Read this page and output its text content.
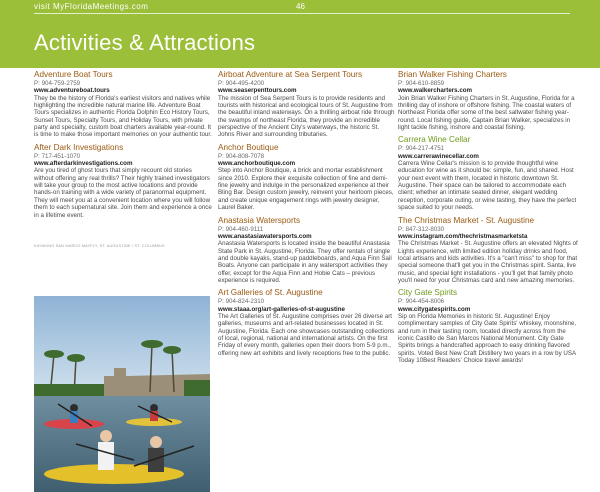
visit MyFloridaMeetings.com	46
Activities & Attractions
Adventure Boat Tours
P: 904-759-2759
www.adventureboat.tours

They be the history of Florida's earliest visitors and natives while highlighting the incredible natural marine life. Adventure Boat Tours specializes in authentic Florida Dolphin Eco History Tours, Sunset Tours, Specialty Tours, and Holiday Tours, with private party and specialty, custom boat charters available year-round. It is time to make those important memories on your authentic tour.

After Dark Investigations
P: 717-451-1070
www.afterdarkinvestigations.com

Are you tired of ghost tours that simply recount old stories without offering any real thrills? Their highly trained investigators will take your group to the most active locations and provide hands-on training with a wide variety of paranormal equipment. They will meet you at a convenient location where you will follow them to each supernatural site. Join them and experience a once in a lifetime event.

KAYAKING SAN MARCO MAYFLY, ST. AUGUSTINE / ST. COLUMBUS
Airboat Adventure at Sea Serpent Tours
P: 904-495-4200
www.seaserpenttours.com

The mission of Sea Serpent Tours is to provide residents and tourists with historical and ecological tours of St. Augustine from the beautiful inland waterways. On a thrilling airboat ride through the swamps of northeast Florida, they provide an incredible perspective of the Ancient City's waterways, the historic St. Johns River and surrounding tributaries.

Anchor Boutique
P: 904-808-7078
www.anchorboutique.com

Step into Anchor Boutique, a brick and mortar establishment since 2010. Explore their exquisite collection of fine and demi-fine jewelry and indulge in the personalized experience at their Bling Bar. Design custom jewelry, reinvent your heirloom pieces, and create unique engagement rings with jewelry designer, Laurel Baker.

Anastasia Watersports
P: 904-460-9111
www.anastasiawatersports.com

Anastasia Watersports is located inside the beautiful Anastasia State Park in St. Augustine, Florida. They offer rentals of single and double kayaks, stand-up paddleboards, and Aqua Finn Sail Boats. Anyone can participate in any watersport activities they offer, except for the Aqua Finn and Hobie Cats – previous experience is required.

Art Galleries of St. Augustine
P: 904-824-2310
www.staaa.org/art-galleries-of-st-augustine

The Art Galleries of St. Augustine comprises over 26 diverse art galleries, museums and art-related businesses located in St. Augustine, Florida. Each one showcases outstanding collections of local, regional, national and international artists. On the first Friday of every month, galleries open their doors from 5-9 p.m., offering new art exhibits and lively receptions free to the public.

Brian Walker Fishing Charters
P: 904-610-8859
www.walkercharters.com

Join Brian Walker Fishing Charters in St. Augustine, Florida for a thrilling day of inshore or offshore fishing. The coastal waters of Northeast Florida offer some of the best saltwater fishing year-round. Local fishing guide, Captain Brian Walker, specializes in light tackle fishing, inshore and coastal fishing.

Carrera Wine Cellar
P: 904-217-4751
www.carrerawinecellar.com

Carrera Wine Cellar's mission is to provide thoughtful wine education for wine as it should be: simple, fun, and shared. Host your next event with them, located in historic downtown St. Augustine. Their space can be tailored to accommodate each client; whether an intimate seated dinner, elegant wedding reception, corporate outing, or wine tasting, they have the perfect space suited to your needs.

The Christmas Market - St. Augustine
P: 847-312-8030
www.instagram.com/thechristmasmarketsta

The Christmas Market - St. Augustine offers an elevated Nights of Lights experience, with limited edition holiday drinks and food, local artisans and kids activities. It's a "can't miss" to shop for that special someone that'll get you in the Christmas spirit. Santa, live music, and special light installations - you'll get that family photo you'll need for your Christmas card and new amazing memories.

City Gate Spirits
P: 904-454-8006
www.citygatespirits.com

Sip on Florida Memories in historic St. Augustine! Enjoy complimentary samples of City Gate Spirits' whiskey, moonshine, and rum in their tasting room, located directly across from the iconic Castillo de San Marcos National Monument. City Gate Spirits brings a handcrafted approach to easy drinking flavored spirits. Voted Best New Craft Distillery two years in a row by USA Today 10Best Readers' Choice travel awards!
